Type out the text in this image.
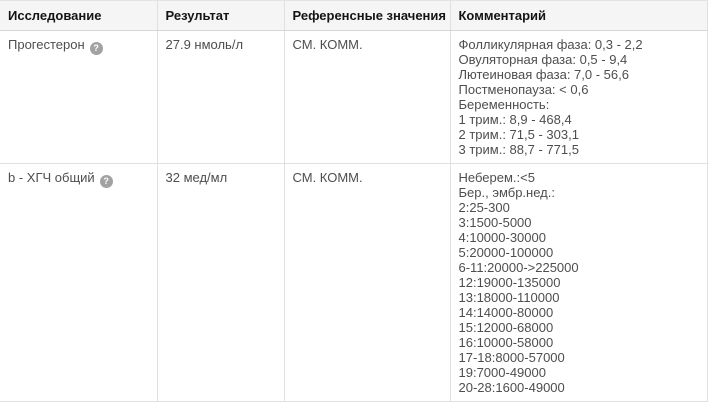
Исследование	Результат	Референсные значения	Комментарий
Прогестерон ?	27.9 нмоль/л	СМ. КОММ.	Фолликулярная фаза: 0,3 - 2,2
Овуляторная фаза: 0,5 - 9,4
Лютеиновая фаза: 7,0 - 56,6
Постменопауза: < 0,6
Беременность:
1 трим.: 8,9 - 468,4
2 трим.: 71,5 - 303,1
3 трим.: 88,7 - 771,5

b - ХГЧ общий ?	32 мед/мл	СМ. КОММ.	Неберем.:<5
Бер., эмбр.нед.:
2:25-300
3:1500-5000
4:10000-30000
5:20000-100000
6-11:20000->225000
12:19000-135000
13:18000-110000
14:14000-80000
15:12000-68000
16:10000-58000
17-18:8000-57000
19:7000-49000
20-28:1600-49000
